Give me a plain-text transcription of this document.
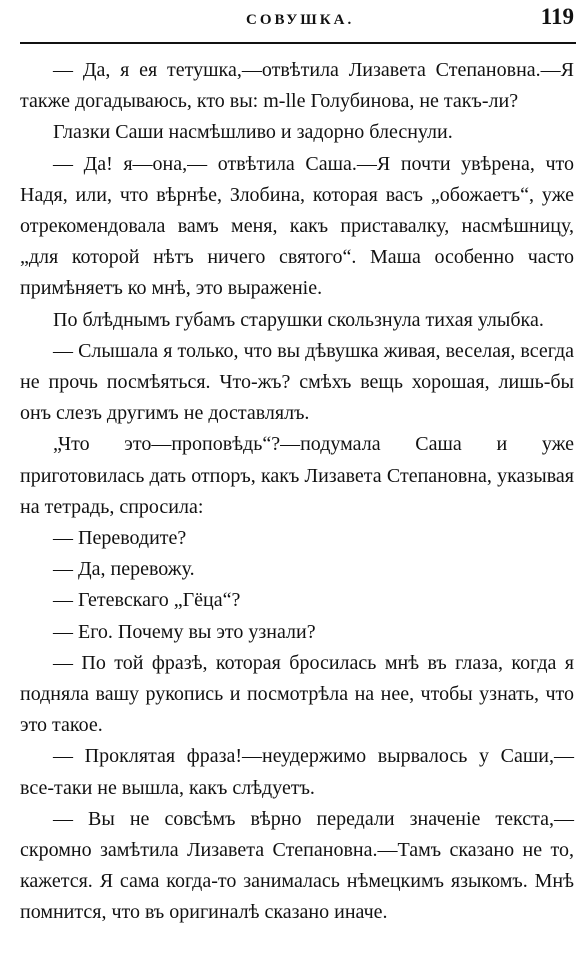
СОВУШКА.	119

— Да, я ея тетушка,—отвѣтила Лизавета Степановна.—Я также догадываюсь, кто вы: m-lle Голубинова, не такъ-ли?

Глазки Саши насмѣшливо и задорно блеснули.

— Да! я—она,— отвѣтила Саша.—Я почти увѣрена, что Надя, или, что вѣрнѣе, Злобина, которая васъ „обожаетъ“, уже отрекомендовала вамъ меня, какъ приставалку, насмѣшницу, „для которой нѣтъ ничего святого“. Маша особенно часто примѣняетъ ко мнѣ, это выраженіе.

По блѣднымъ губамъ старушки скользнула тихая улыбка.

— Слышала я только, что вы дѣвушка живая, веселая, всегда не прочь посмѣяться. Что-жъ? смѣхъ вещь хорошая, лишь-бы онъ слезъ другимъ не доставлялъ.

„Что это—проповѣдь“?—подумала Саша и уже приготовилась дать отпоръ, какъ Лизавета Степановна, указывая на тетрадь, спросила:

— Переводите?

— Да, перевожу.

— Гетевскаго „Гёца“?

— Его. Почему вы это узнали?

— По той фразѣ, которая бросилась мнѣ въ глаза, когда я подняла вашу рукопись и посмотрѣла на нее, чтобы узнать, что это такое.

— Проклятая фраза!—неудержимо вырвалось у Саши,—все-таки не вышла, какъ слѣдуетъ.

— Вы не совсѣмъ вѣрно передали значеніе текста,—скромно замѣтила Лизавета Степановна.—Тамъ сказано не то, кажется. Я сама когда-то занималась нѣмецкимъ языкомъ. Мнѣ помнится, что въ оригиналѣ сказано иначе.
